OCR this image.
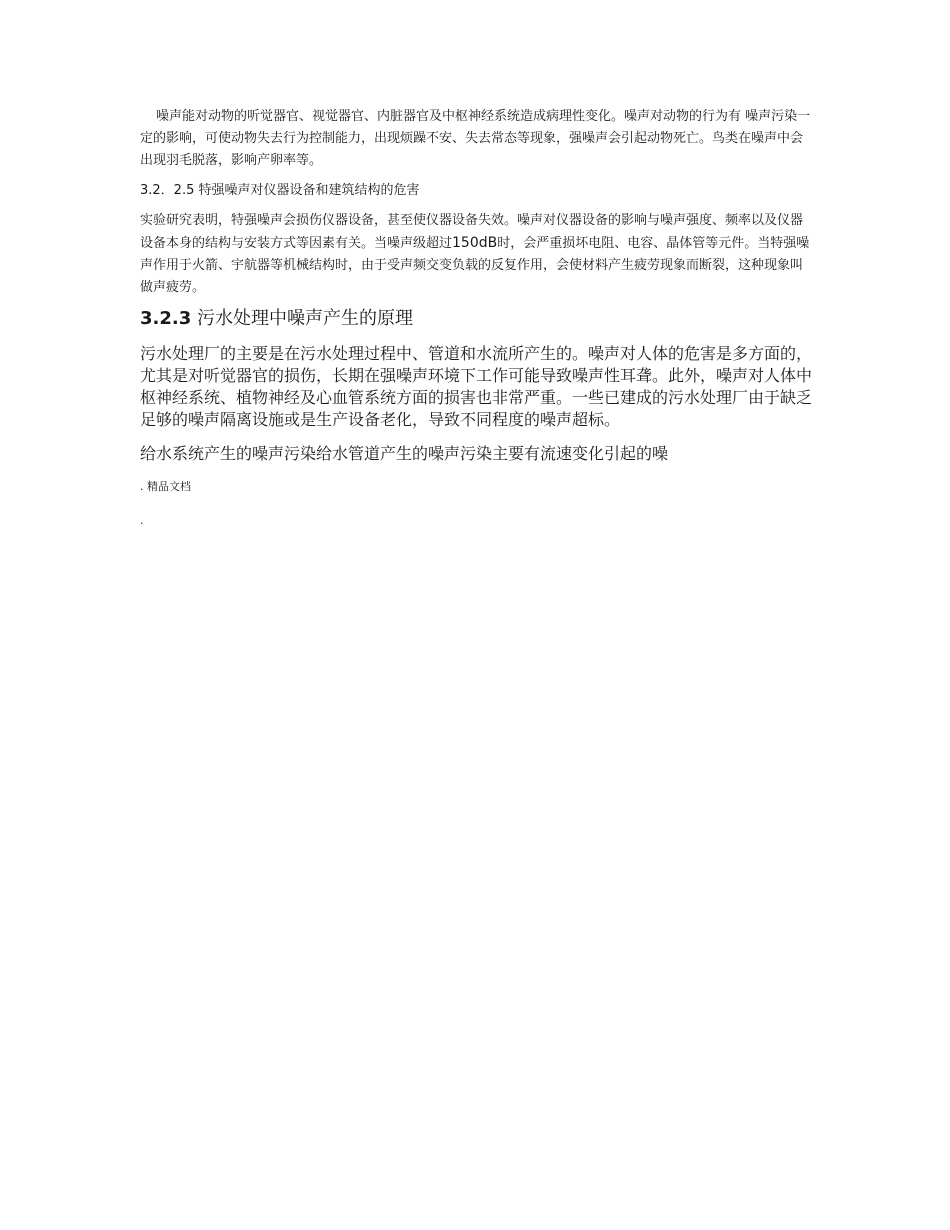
噪声能对动物的听觉器官、视觉器官、内脏器官及中枢神经系统造成病理性变化。噪声对动物的行为有 噪声污染一定的影响，可使动物失去行为控制能力，出现烦躁不安、失去常态等现象，强噪声会引起动物死亡。鸟类在噪声中会出现羽毛脱落，影响产卵率等。

3.2．2.5 特强噪声对仪器设备和建筑结构的危害

实验研究表明，特强噪声会损伤仪器设备，甚至使仪器设备失效。噪声对仪器设备的影响与噪声强度、频率以及仪器设备本身的结构与安装方式等因素有关。当噪声级超过150dB时，会严重损坏电阻、电容、晶体管等元件。当特强噪声作用于火箭、宇航器等机械结构时，由于受声频交变负载的反复作用，会使材料产生疲劳现象而断裂，这种现象叫做声疲劳。

3.2.3 污水处理中噪声产生的原理

污水处理厂的主要是在污水处理过程中、管道和水流所产生的。噪声对人体的危害是多方面的，尤其是对听觉器官的损伤，长期在强噪声环境下工作可能导致噪声性耳聋。此外，噪声对人体中枢神经系统、植物神经及心血管系统方面的损害也非常严重。一些已建成的污水处理厂由于缺乏足够的噪声隔离设施或是生产设备老化，导致不同程度的噪声超标。

给水系统产生的噪声污染给水管道产生的噪声污染主要有流速变化引起的噪

. 精品文档

.
